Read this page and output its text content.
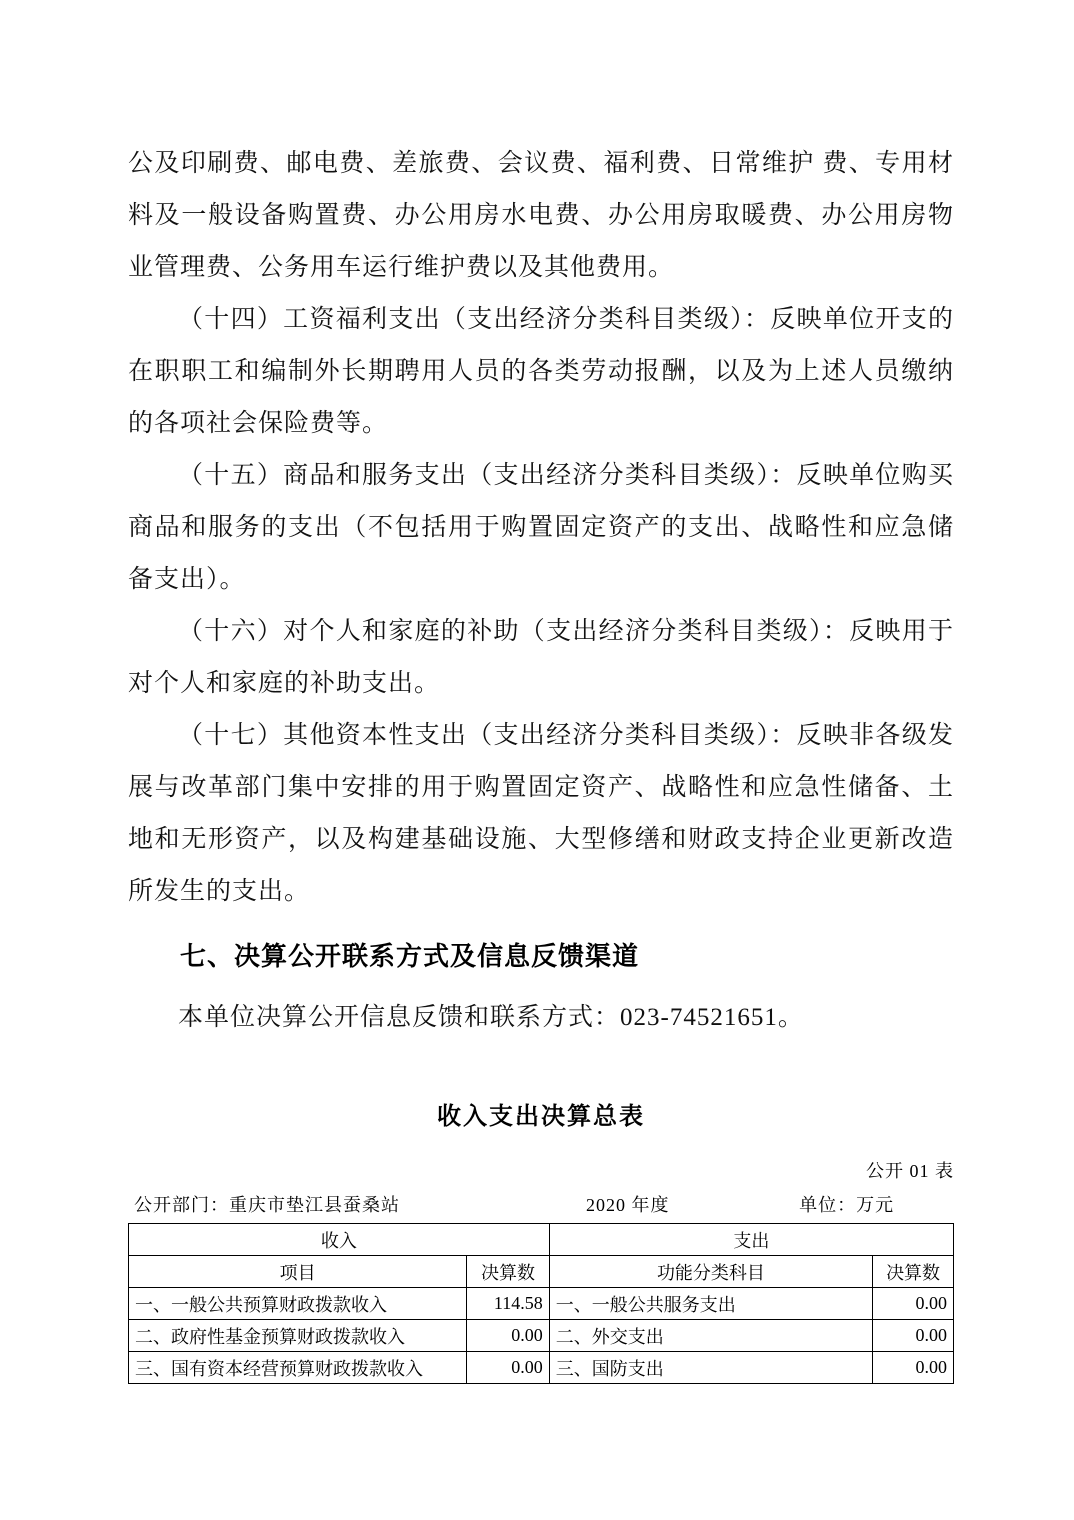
公及印刷费、邮电费、差旅费、会议费、福利费、日常维护 费、专用材料及一般设备购置费、办公用房水电费、办公用房取暖费、办公用房物业管理费、公务用车运行维护费以及其他费用。

（十四）工资福利支出（支出经济分类科目类级）：反映单位开支的在职职工和编制外长期聘用人员的各类劳动报酬，以及为上述人员缴纳的各项社会保险费等。

（十五）商品和服务支出（支出经济分类科目类级）：反映单位购买商品和服务的支出（不包括用于购置固定资产的支出、战略性和应急储备支出）。

（十六）对个人和家庭的补助（支出经济分类科目类级）：反映用于对个人和家庭的补助支出。

（十七）其他资本性支出（支出经济分类科目类级）：反映非各级发展与改革部门集中安排的用于购置固定资产、战略性和应急性储备、土地和无形资产，以及构建基础设施、大型修缮和财政支持企业更新改造所发生的支出。

七、决算公开联系方式及信息反馈渠道

本单位决算公开信息反馈和联系方式：023-74521651。

收入支出决算总表
公开 01 表
公开部门：重庆市垫江县蚕桑站	2020 年度	单位：万元
收入		支出	
项目	决算数	功能分类科目	决算数
一、一般公共预算财政拨款收入	114.58	一、一般公共服务支出	0.00
二、政府性基金预算财政拨款收入	0.00	二、外交支出	0.00
三、国有资本经营预算财政拨款收入	0.00	三、国防支出	0.00
